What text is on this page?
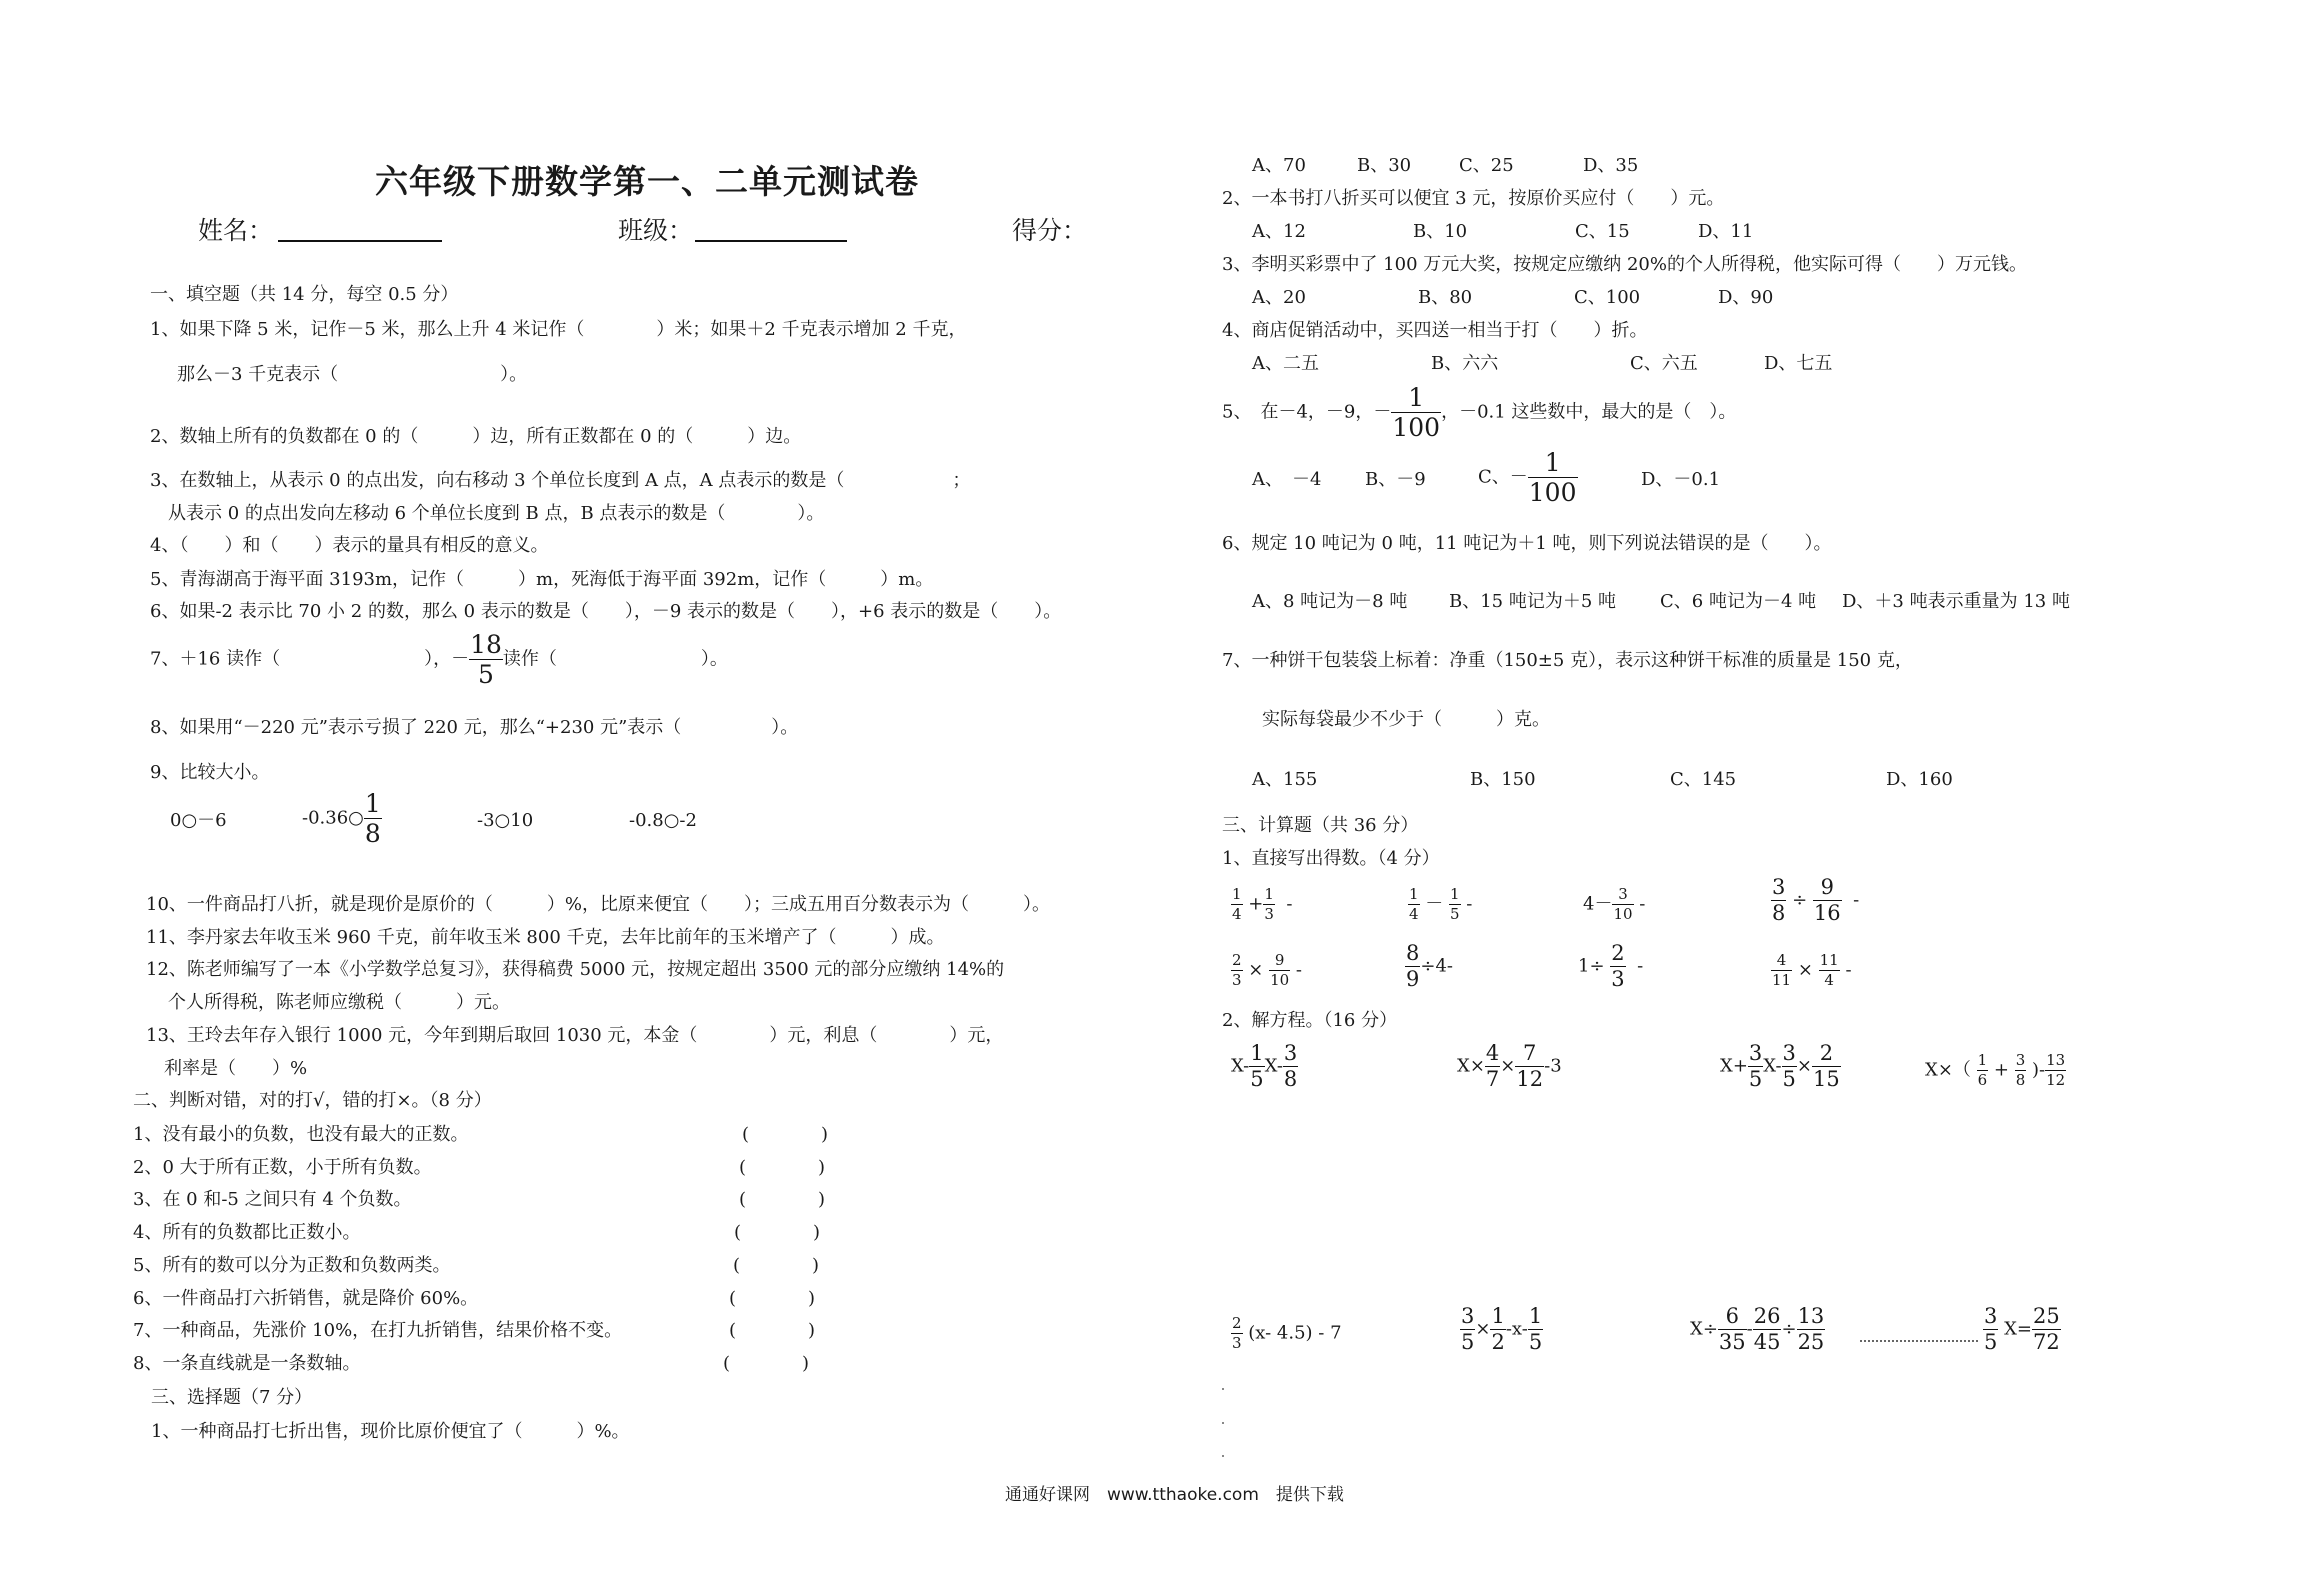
六年级下册数学第一、二单元测试卷
姓名：	班级：	得分：
一、填空题（共 14 分，每空 0.5 分）
1、如果下降 5 米，记作－5 米，那么上升 4 米记作（　　　　）米；如果＋2 千克表示增加 2 千克，
那么－3 千克表示（　　　　　　　　　）。
2、数轴上所有的负数都在 0 的（　　　）边，所有正数都在 0 的（　　　）边。
3、在数轴上，从表示 0 的点出发，向右移动 3 个单位长度到 A 点，A 点表示的数是（　　　　　　；
从表示 0 的点出发向左移动 6 个单位长度到 B 点，B 点表示的数是（　　　　）。
4、（　　）和（　　）表示的量具有相反的意义。
5、青海湖高于海平面 3193m，记作（　　　）m，死海低于海平面 392m，记作（　　　）m。
6、如果-2 表示比 70 小 2 的数，那么 0 表示的数是（　　），－9 表示的数是（　　），+6 表示的数是（　　）。
7、＋16 读作（　　　　　　　　），－ $\frac{18}{5}$ 读作（　　　　　　　　）。
8、如果用“－220 元”表示亏损了 220 元，那么“+230 元”表示（　　　　　）。
9、比较大小。
0○－6	-0.36○ $\frac{1}{8}$	-3○10	-0.8○-2
10、一件商品打八折，就是现价是原价的（　　　）%，比原来便宜（　　）；三成五用百分数表示为（　　　）。
11、李丹家去年收玉米 960 千克，前年收玉米 800 千克，去年比前年的玉米增产了（　　　）成。
12、陈老师编写了一本《小学数学总复习》，获得稿费 5000 元，按规定超出 3500 元的部分应缴纳 14%的
个人所得税，陈老师应缴税（　　　）元。
13、王玲去年存入银行 1000 元，今年到期后取回 1030 元，本金（　　　　）元，利息（　　　　）元，
利率是（　　）%
二、判断对错，对的打√，错的打×。（8 分）
1、没有最小的负数，也没有最大的正数。	(　　　　)
2、0 大于所有正数，小于所有负数。	(　　　　)
3、在 0 和-5 之间只有 4 个负数。	(　　　　)
4、所有的负数都比正数小。	(　　　　)
5、所有的数可以分为正数和负数两类。	(　　　　)
6、一件商品打六折销售，就是降价 60%。	(　　　　)
7、一种商品，先涨价 10%，在打九折销售，结果价格不变。	(　　　　)
8、一条直线就是一条数轴。	(　　　　)
三、选择题（7 分）
1、一种商品打七折出售，现价比原价便宜了（　　　）%。
A、70	B、30	C、25	D、35
2、一本书打八折买可以便宜 3 元，按原价买应付（　　）元。
A、12	B、10	C、15	D、11
3、李明买彩票中了 100 万元大奖，按规定应缴纳 20%的个人所得税，他实际可得（　　）万元钱。
A、20	B、80	C、100	D、90
4、商店促销活动中，买四送一相当于打（　　）折。
A、二五	B、六六	C、六五	D、七五
5、　在－4，－9，－ $\frac{1}{100}$ ，－0.1 这些数中，最大的是（　）。
A、　－4 B、－9	C、－ $\frac{1}{100}$	D、－0.1
6、规定 10 吨记为 0 吨，11 吨记为＋1 吨，则下列说法错误的是（　　）。
A、8 吨记为－8 吨 B、15 吨记为＋5 吨 C、6 吨记为－4 吨 D、＋3 吨表示重量为 13 吨
7、一种饼干包装袋上标着：净重（150±5 克），表示这种饼干标准的质量是 150 克，
实际每袋最少不少于（　　　）克。
A、155	B、150	C、145	D、160
三、计算题（共 36 分）
1、直接写出得数。（4 分）
$\frac{1}{4} + \frac{1}{3}$ -	$\frac{1}{4} - \frac{1}{5}$ -	$4- \frac{3}{10}$ -	$\frac{3}{8} \div \frac{9}{16}$ -
$\frac{2}{3} \times \frac{9}{10}$ -	$\frac{8}{9} \div 4-$	$1\div \frac{2}{3}$ -	$\frac{4}{11} \times \frac{11}{4}$ -
2、解方程。（16 分）
$X- \frac{1}{5} X- \frac{3}{8}$	$X\times \frac{4}{7} \times \frac{7}{12} -3$	$X+ \frac{3}{5} X- \frac{3}{5} \times \frac{2}{15}$	$X\times( \frac{1}{6} + \frac{3}{8}$ )- $\frac{13}{12}$
$\frac{2}{3} (x-$ 4.5) - 7	$\frac{3}{5} \times \frac{1}{2} -x- \frac{1}{5}$	$X\div \frac{6}{35} - \frac{26}{45} \div \frac{13}{25}$	$\frac{3}{5} X= \frac{25}{72}$
通通好课网　www.tthaoke.com　提供下载
